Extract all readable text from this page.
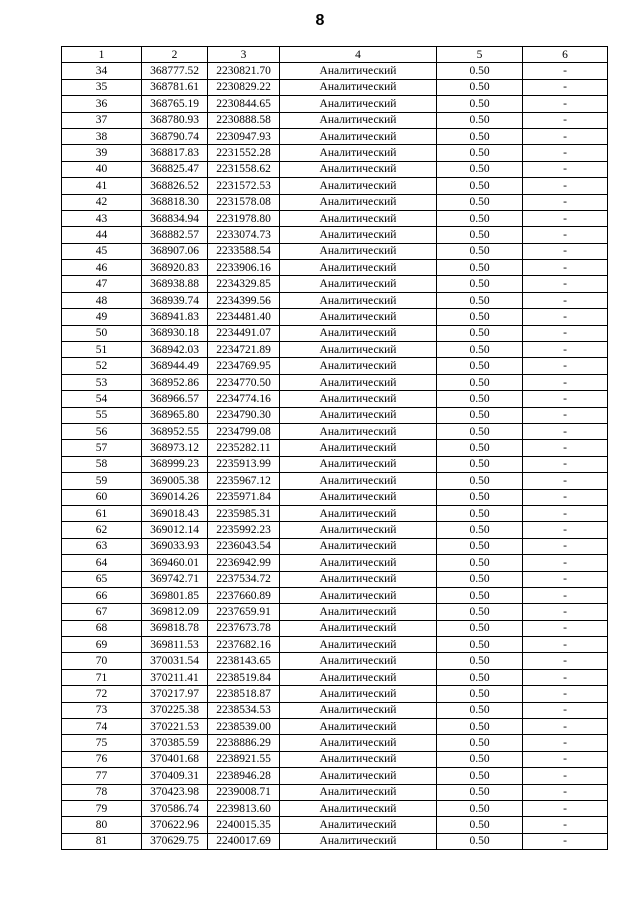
8
1	2	3	4	5	6
34	368777.52	2230821.70	Аналитический	0.50	-
35	368781.61	2230829.22	Аналитический	0.50	-
36	368765.19	2230844.65	Аналитический	0.50	-
37	368780.93	2230888.58	Аналитический	0.50	-
38	368790.74	2230947.93	Аналитический	0.50	-
39	368817.83	2231552.28	Аналитический	0.50	-
40	368825.47	2231558.62	Аналитический	0.50	-
41	368826.52	2231572.53	Аналитический	0.50	-
42	368818.30	2231578.08	Аналитический	0.50	-
43	368834.94	2231978.80	Аналитический	0.50	-
44	368882.57	2233074.73	Аналитический	0.50	-
45	368907.06	2233588.54	Аналитический	0.50	-
46	368920.83	2233906.16	Аналитический	0.50	-
47	368938.88	2234329.85	Аналитический	0.50	-
48	368939.74	2234399.56	Аналитический	0.50	-
49	368941.83	2234481.40	Аналитический	0.50	-
50	368930.18	2234491.07	Аналитический	0.50	-
51	368942.03	2234721.89	Аналитический	0.50	-
52	368944.49	2234769.95	Аналитический	0.50	-
53	368952.86	2234770.50	Аналитический	0.50	-
54	368966.57	2234774.16	Аналитический	0.50	-
55	368965.80	2234790.30	Аналитический	0.50	-
56	368952.55	2234799.08	Аналитический	0.50	-
57	368973.12	2235282.11	Аналитический	0.50	-
58	368999.23	2235913.99	Аналитический	0.50	-
59	369005.38	2235967.12	Аналитический	0.50	-
60	369014.26	2235971.84	Аналитический	0.50	-
61	369018.43	2235985.31	Аналитический	0.50	-
62	369012.14	2235992.23	Аналитический	0.50	-
63	369033.93	2236043.54	Аналитический	0.50	-
64	369460.01	2236942.99	Аналитический	0.50	-
65	369742.71	2237534.72	Аналитический	0.50	-
66	369801.85	2237660.89	Аналитический	0.50	-
67	369812.09	2237659.91	Аналитический	0.50	-
68	369818.78	2237673.78	Аналитический	0.50	-
69	369811.53	2237682.16	Аналитический	0.50	-
70	370031.54	2238143.65	Аналитический	0.50	-
71	370211.41	2238519.84	Аналитический	0.50	-
72	370217.97	2238518.87	Аналитический	0.50	-
73	370225.38	2238534.53	Аналитический	0.50	-
74	370221.53	2238539.00	Аналитический	0.50	-
75	370385.59	2238886.29	Аналитический	0.50	-
76	370401.68	2238921.55	Аналитический	0.50	-
77	370409.31	2238946.28	Аналитический	0.50	-
78	370423.98	2239008.71	Аналитический	0.50	-
79	370586.74	2239813.60	Аналитический	0.50	-
80	370622.96	2240015.35	Аналитический	0.50	-
81	370629.75	2240017.69	Аналитический	0.50	-
